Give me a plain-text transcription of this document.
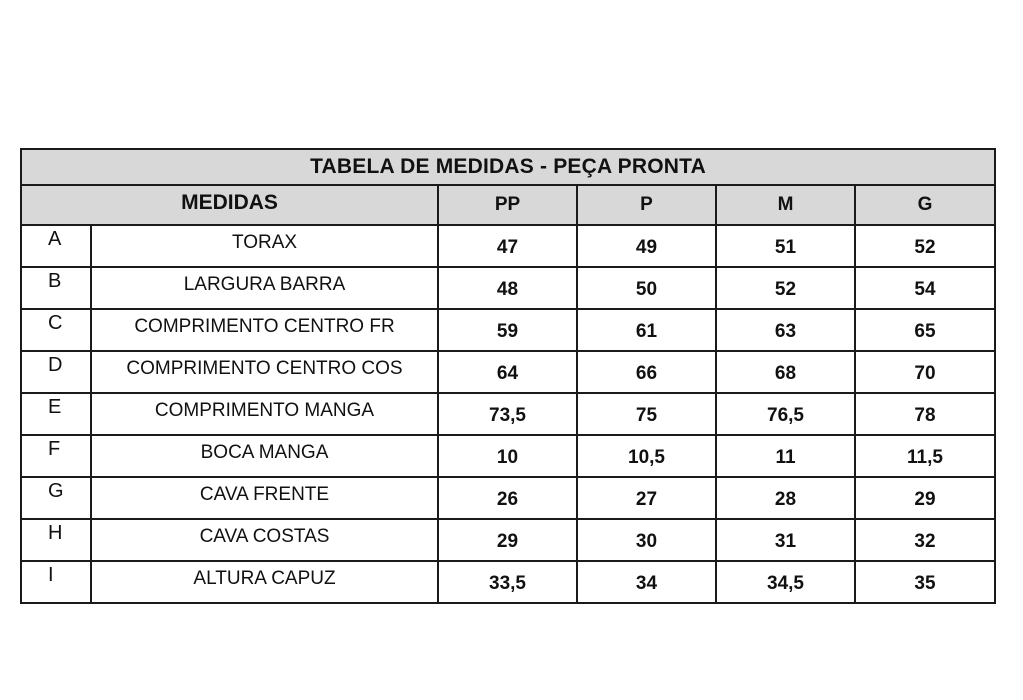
TABELA DE MEDIDAS - PEÇA PRONTA					
MEDIDAS		PP	P	M	G
A	TORAX	47	49	51	52
B	LARGURA BARRA	48	50	52	54
C	COMPRIMENTO CENTRO FR	59	61	63	65
D	COMPRIMENTO CENTRO COS	64	66	68	70
E	COMPRIMENTO MANGA	73,5	75	76,5	78
F	BOCA MANGA	10	10,5	11	11,5
G	CAVA FRENTE	26	27	28	29
H	CAVA COSTAS	29	30	31	32
I	ALTURA CAPUZ	33,5	34	34,5	35
